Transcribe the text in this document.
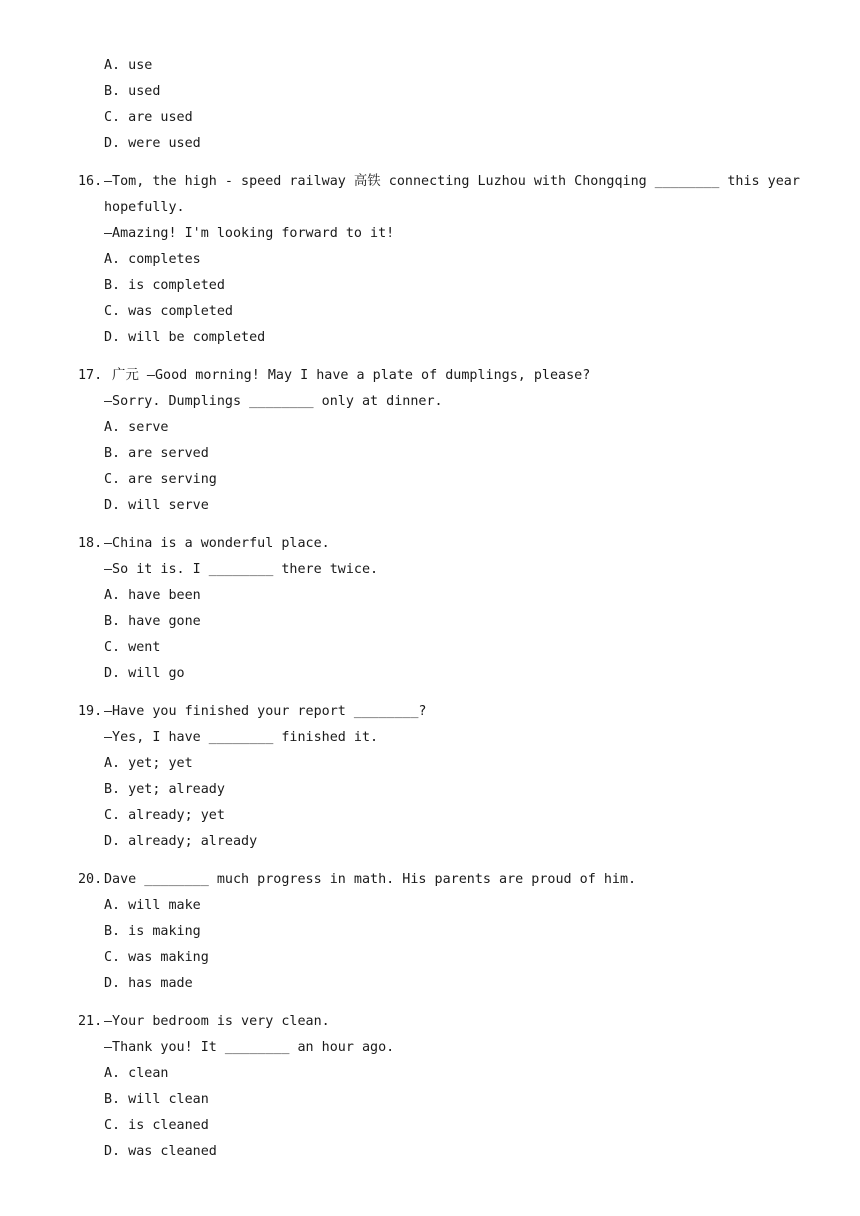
A. use
B. used
C. are used
D. were used
16. —Tom, the high - speed railway 高铁 connecting Luzhou with Chongqing ________ this year
hopefully.
—Amazing! I'm looking forward to it!
A. completes
B. is completed
C. was completed
D. will be completed
17. 广元 —Good morning! May I have a plate of dumplings, please?
—Sorry. Dumplings ________ only at dinner.
A. serve
B. are served
C. are serving
D. will serve
18. —China is a wonderful place.
—So it is. I ________ there twice.
A. have been
B. have gone
C. went
D. will go
19. —Have you finished your report ________?
—Yes, I have ________ finished it.
A. yet; yet
B. yet; already
C. already; yet
D. already; already
20. Dave ________ much progress in math. His parents are proud of him.
A. will make
B. is making
C. was making
D. has made
21. —Your bedroom is very clean.
—Thank you! It ________ an hour ago.
A. clean
B. will clean
C. is cleaned
D. was cleaned
